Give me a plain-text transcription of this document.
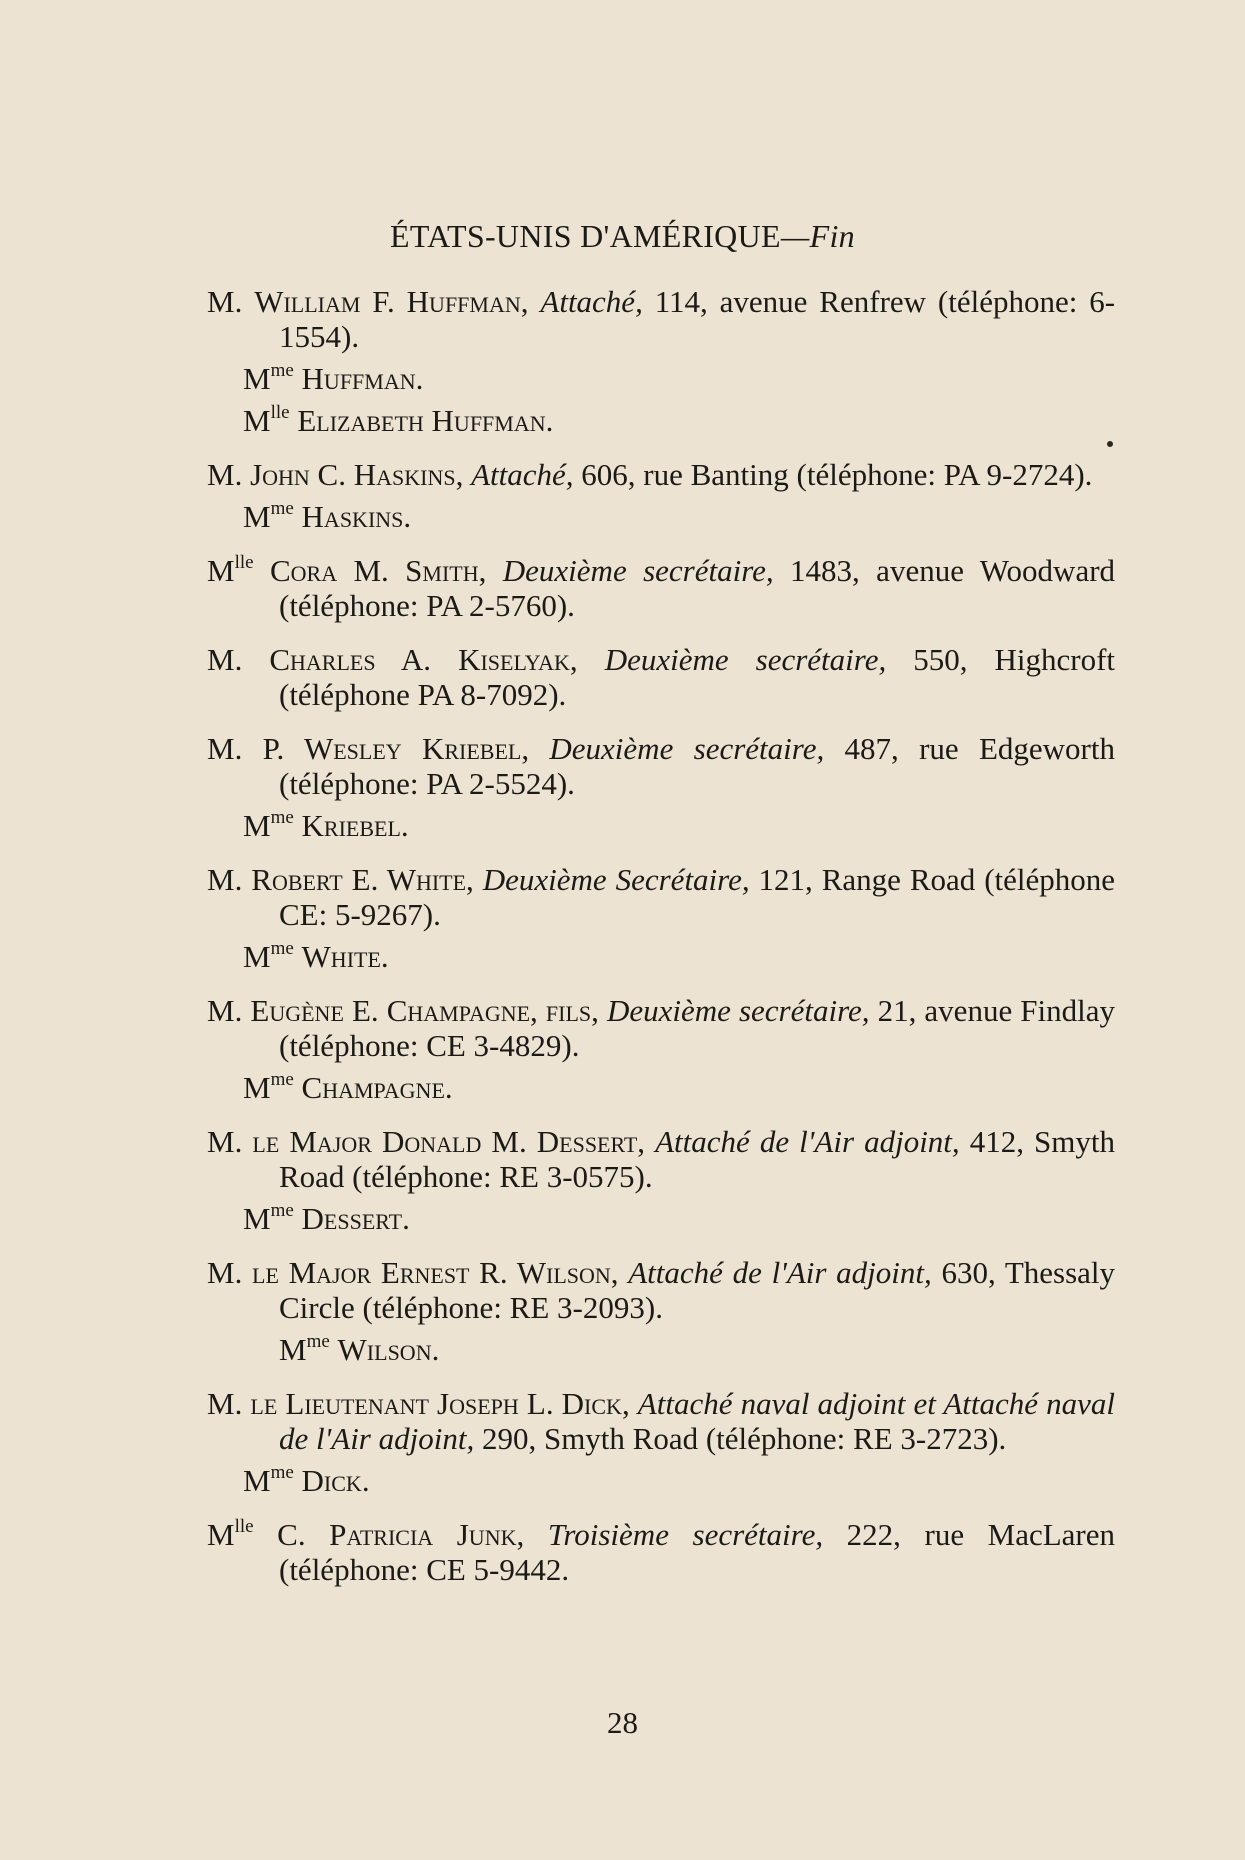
ÉTATS-UNIS D'AMÉRIQUE—Fin
M. William F. Huffman, Attaché, 114, avenue Renfrew (téléphone: 6-1554).
$M^{me}$ Huffman.
$M^{lle}$ Elizabeth Huffman.
M. John C. Haskins, Attaché, 606, rue Banting (téléphone: PA 9-2724).
$M^{me}$ Haskins.
$M^{lle}$ Cora M. Smith, Deuxième secrétaire, 1483, avenue Woodward (téléphone: PA 2-5760).
M. Charles A. Kiselyak, Deuxième secrétaire, 550, Highcroft (téléphone PA 8-7092).
M. P. Wesley Kriebel, Deuxième secrétaire, 487, rue Edgeworth (téléphone: PA 2-5524).
$M^{me}$ Kriebel.
M. Robert E. White, Deuxième Secrétaire, 121, Range Road (téléphone CE: 5-9267).
$M^{me}$ White.
M. Eugène E. Champagne, fils, Deuxième secrétaire, 21, avenue Findlay (téléphone: CE 3-4829).
$M^{me}$ Champagne.
M. le Major Donald M. Dessert, Attaché de l'Air adjoint, 412, Smyth Road (téléphone: RE 3-0575).
$M^{me}$ Dessert.
M. le Major Ernest R. Wilson, Attaché de l'Air adjoint, 630, Thessaly Circle (téléphone: RE 3-2093).
$M^{me}$ Wilson.
M. le Lieutenant Joseph L. Dick, Attaché naval adjoint et Attaché naval de l'Air adjoint, 290, Smyth Road (téléphone: RE 3-2723).
$M^{me}$ Dick.
$M^{lle}$ C. Patricia Junk, Troisième secrétaire, 222, rue MacLaren (téléphone: CE 5-9442.
28
